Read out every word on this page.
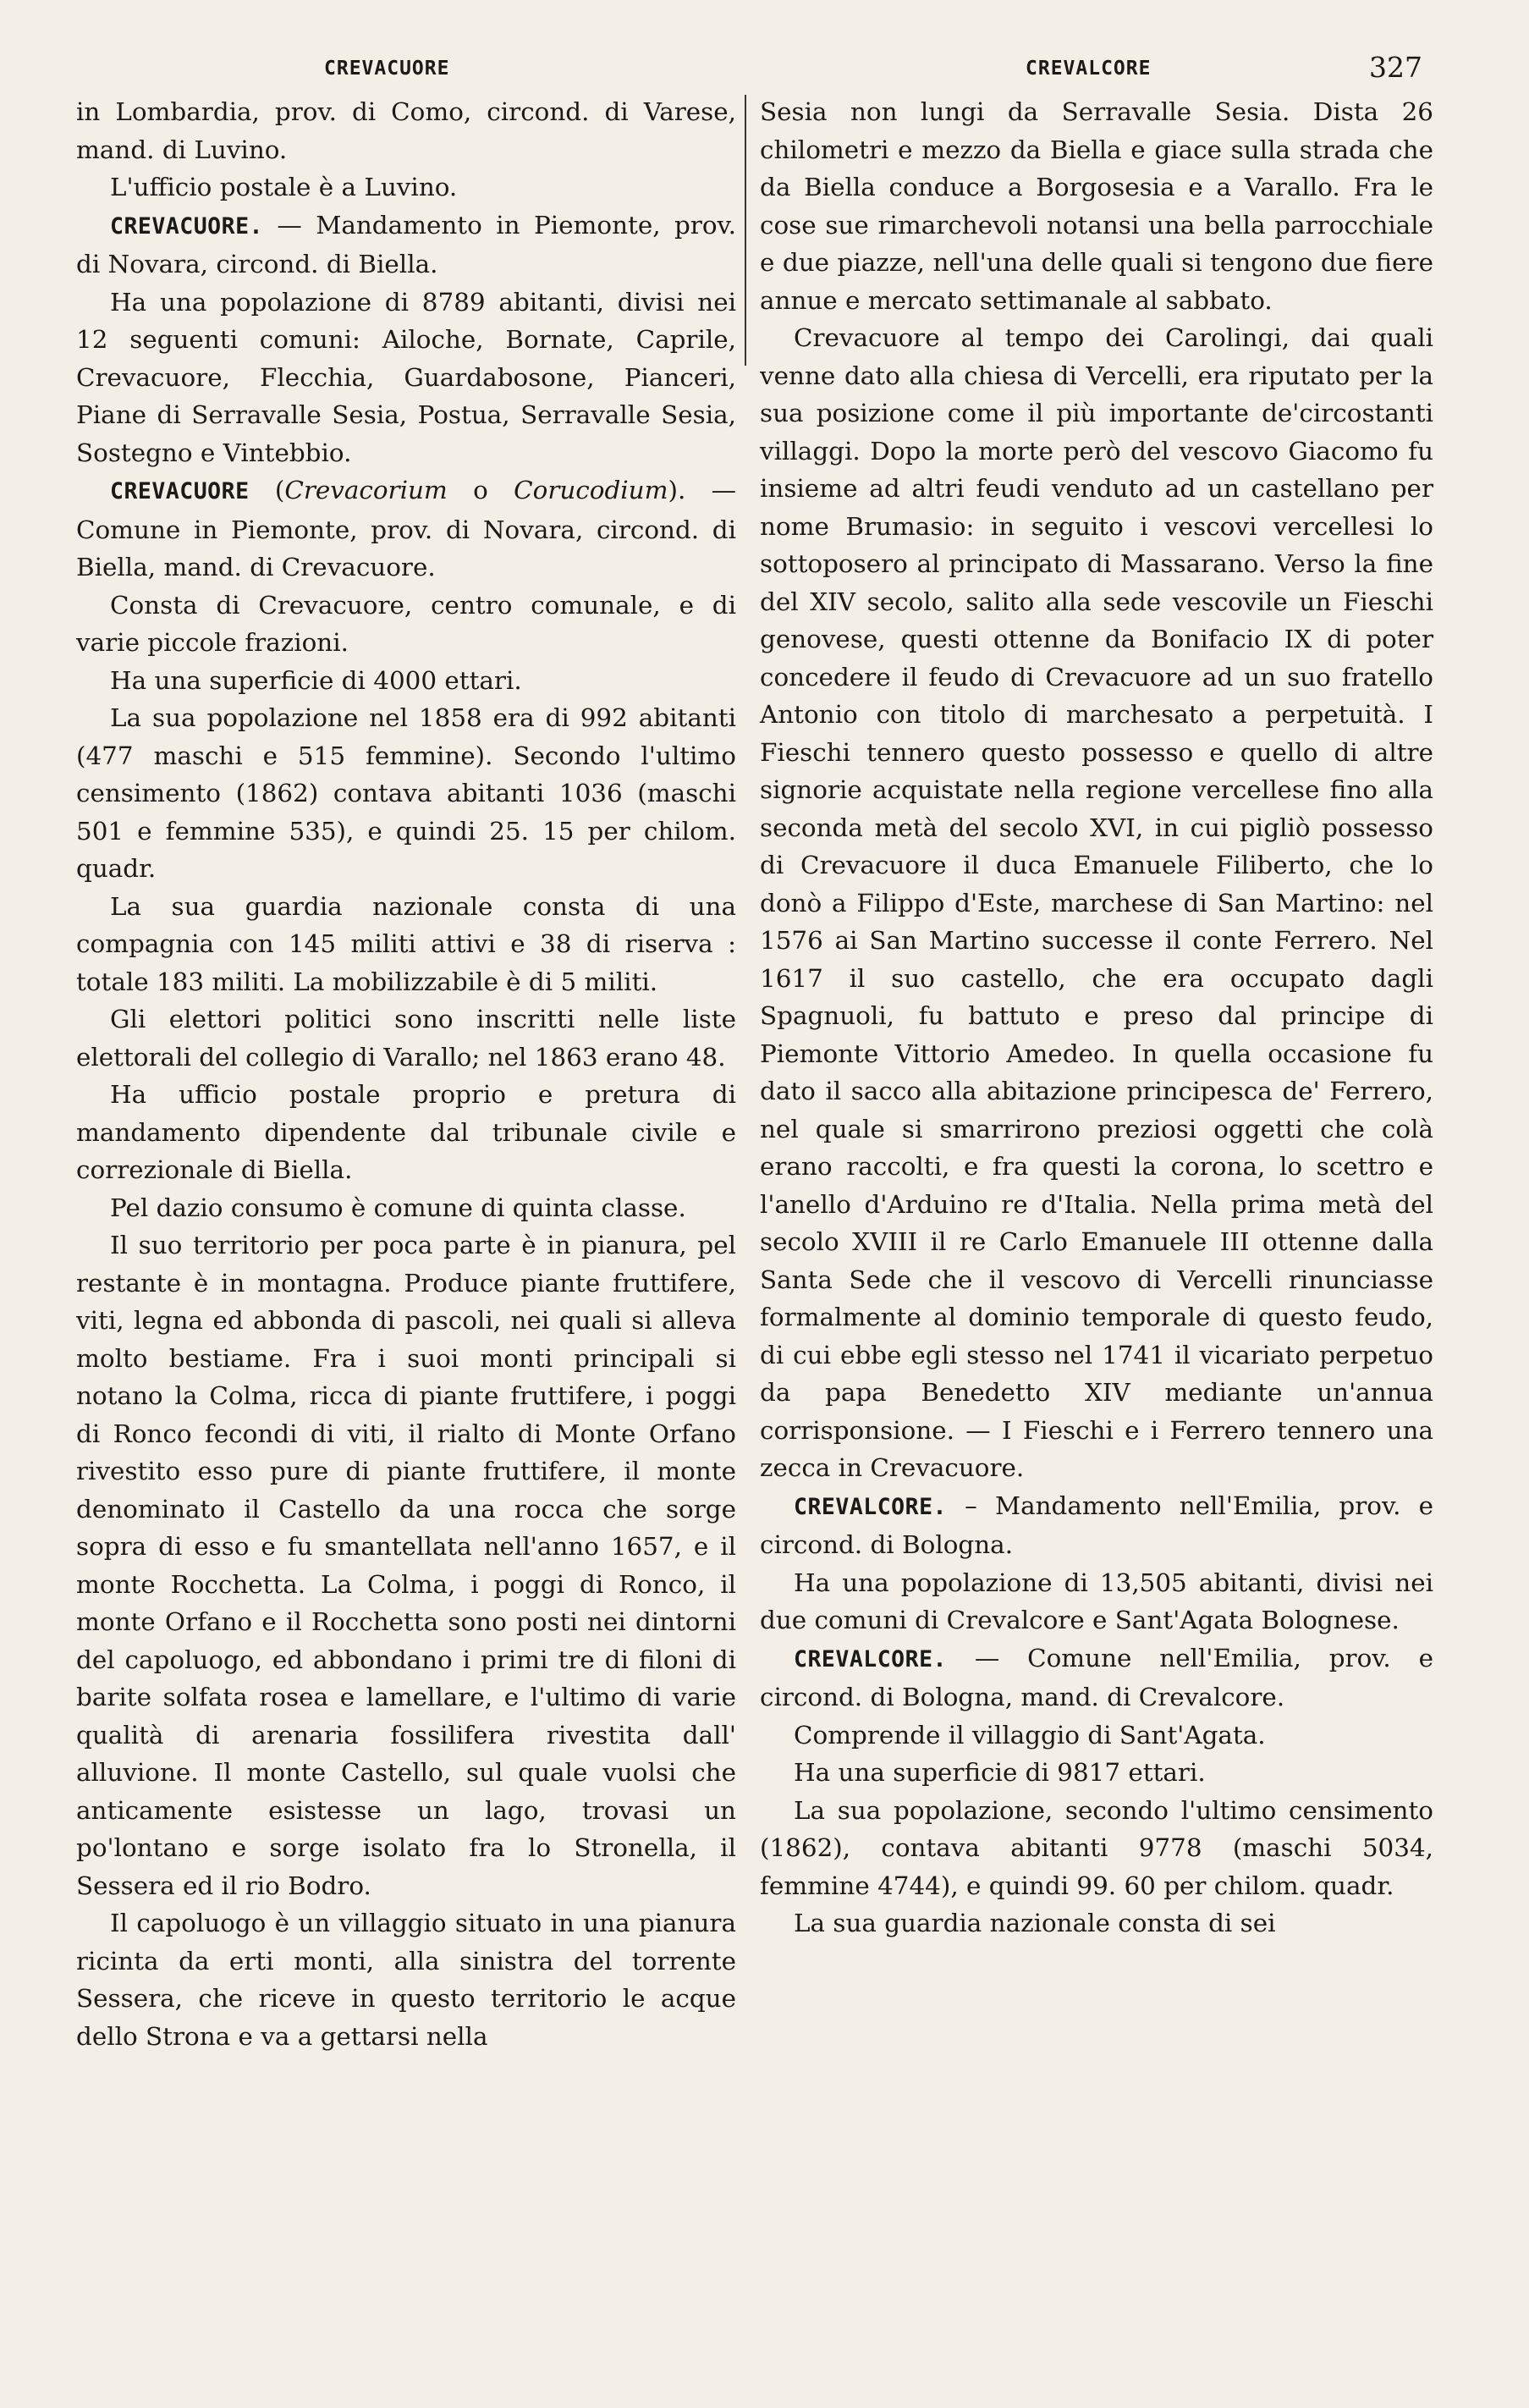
CREVACUORE	CREVALCORE	327

in Lombardia, prov. di Como, circond. di Varese, mand. di Luvino.

L'ufficio postale è a Luvino.

CREVACUORE. — Mandamento in Piemonte, prov. di Novara, circond. di Biella.

Ha una popolazione di 8789 abitanti, divisi nei 12 seguenti comuni: Ailoche, Bornate, Caprile, Crevacuore, Flecchia, Guardabosone, Pianceri, Piane di Serravalle Sesia, Postua, Serravalle Sesia, Sostegno e Vintebbio.

CREVACUORE (Crevacorium o Corucodium). — Comune in Piemonte, prov. di Novara, circond. di Biella, mand. di Crevacuore.

Consta di Crevacuore, centro comunale, e di varie piccole frazioni.

Ha una superficie di 4000 ettari.

La sua popolazione nel 1858 era di 992 abitanti (477 maschi e 515 femmine). Secondo l'ultimo censimento (1862) contava abitanti 1036 (maschi 501 e femmine 535), e quindi 25. 15 per chilom. quadr.

La sua guardia nazionale consta di una compagnia con 145 militi attivi e 38 di riserva : totale 183 militi. La mobilizzabile è di 5 militi.

Gli elettori politici sono inscritti nelle liste elettorali del collegio di Varallo; nel 1863 erano 48.

Ha ufficio postale proprio e pretura di mandamento dipendente dal tribunale civile e correzionale di Biella.

Pel dazio consumo è comune di quinta classe.

Il suo territorio per poca parte è in pianura, pel restante è in montagna. Produce piante fruttifere, viti, legna ed abbonda di pascoli, nei quali si alleva molto bestiame. Fra i suoi monti principali si notano la Colma, ricca di piante fruttifere, i poggi di Ronco fecondi di viti, il rialto di Monte Orfano rivestito esso pure di piante fruttifere, il monte denominato il Castello da una rocca che sorge sopra di esso e fu smantellata nell'anno 1657, e il monte Rocchetta. La Colma, i poggi di Ronco, il monte Orfano e il Rocchetta sono posti nei dintorni del capoluogo, ed abbondano i primi tre di filoni di barite solfata rosea e lamellare, e l'ultimo di varie qualità di arenaria fossilifera rivestita dall' alluvione. Il monte Castello, sul quale vuolsi che anticamente esistesse un lago, trovasi un po'lontano e sorge isolato fra lo Stronella, il Sessera ed il rio Bodro.

Il capoluogo è un villaggio situato in una pianura ricinta da erti monti, alla sinistra del torrente Sessera, che riceve in questo territorio le acque dello Strona e va a gettarsi nella

Sesia non lungi da Serravalle Sesia. Dista 26 chilometri e mezzo da Biella e giace sulla strada che da Biella conduce a Borgosesia e a Varallo. Fra le cose sue rimarchevoli notansi una bella parrocchiale e due piazze, nell'una delle quali si tengono due fiere annue e mercato settimanale al sabbato.

Crevacuore al tempo dei Carolingi, dai quali venne dato alla chiesa di Vercelli, era riputato per la sua posizione come il più importante de'circostanti villaggi. Dopo la morte però del vescovo Giacomo fu insieme ad altri feudi venduto ad un castellano per nome Brumasio: in seguito i vescovi vercellesi lo sottoposero al principato di Massarano. Verso la fine del XIV secolo, salito alla sede vescovile un Fieschi genovese, questi ottenne da Bonifacio IX di poter concedere il feudo di Crevacuore ad un suo fratello Antonio con titolo di marchesato a perpetuità. I Fieschi tennero questo possesso e quello di altre signorie acquistate nella regione vercellese fino alla seconda metà del secolo XVI, in cui pigliò possesso di Crevacuore il duca Emanuele Filiberto, che lo donò a Filippo d'Este, marchese di San Martino: nel 1576 ai San Martino successe il conte Ferrero. Nel 1617 il suo castello, che era occupato dagli Spagnuoli, fu battuto e preso dal principe di Piemonte Vittorio Amedeo. In quella occasione fu dato il sacco alla abitazione principesca de' Ferrero, nel quale si smarrirono preziosi oggetti che colà erano raccolti, e fra questi la corona, lo scettro e l'anello d'Arduino re d'Italia. Nella prima metà del secolo XVIII il re Carlo Emanuele III ottenne dalla Santa Sede che il vescovo di Vercelli rinunciasse formalmente al dominio temporale di questo feudo, di cui ebbe egli stesso nel 1741 il vicariato perpetuo da papa Benedetto XIV mediante un'annua corrisponsione. — I Fieschi e i Ferrero tennero una zecca in Crevacuore.

CREVALCORE. – Mandamento nell'Emilia, prov. e circond. di Bologna.

Ha una popolazione di 13,505 abitanti, divisi nei due comuni di Crevalcore e Sant'Agata Bolognese.

CREVALCORE. — Comune nell'Emilia, prov. e circond. di Bologna, mand. di Crevalcore.

Comprende il villaggio di Sant'Agata.

Ha una superficie di 9817 ettari.

La sua popolazione, secondo l'ultimo censimento (1862), contava abitanti 9778 (maschi 5034, femmine 4744), e quindi 99. 60 per chilom. quadr.

La sua guardia nazionale consta di sei
